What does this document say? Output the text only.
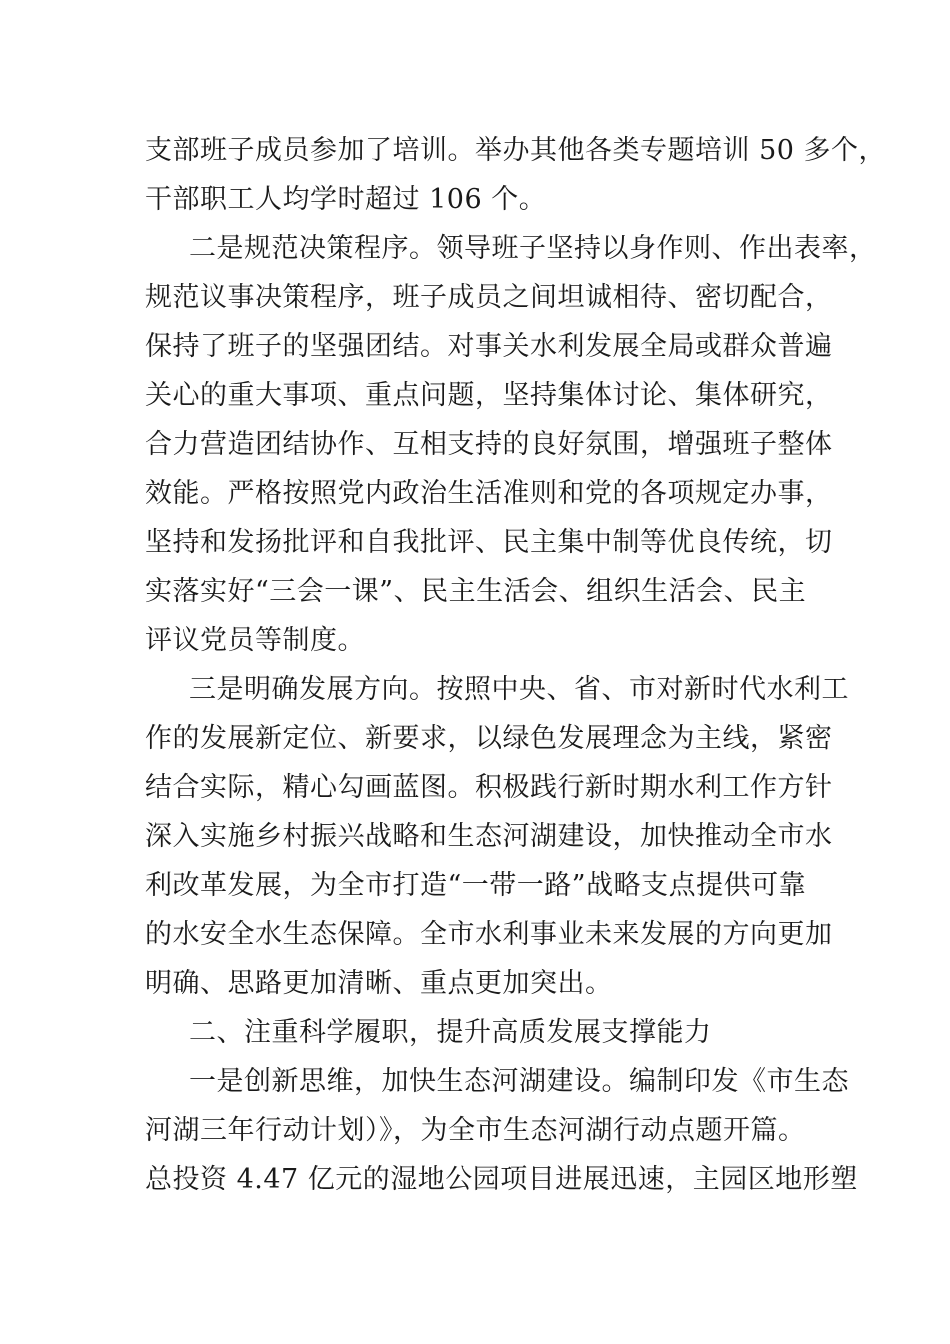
支部班子成员参加了培训。举办其他各类专题培训 50 多个，
干部职工人均学时超过 106 个。
二是规范决策程序。领导班子坚持以身作则、作出表率，
规范议事决策程序，班子成员之间坦诚相待、密切配合，
保持了班子的坚强团结。对事关水利发展全局或群众普遍
关心的重大事项、重点问题，坚持集体讨论、集体研究，
合力营造团结协作、互相支持的良好氛围，增强班子整体
效能。严格按照党内政治生活准则和党的各项规定办事，
坚持和发扬批评和自我批评、民主集中制等优良传统，切
实落实好“三会一课”、民主生活会、组织生活会、民主
评议党员等制度。
三是明确发展方向。按照中央、省、市对新时代水利工
作的发展新定位、新要求，以绿色发展理念为主线，紧密
结合实际，精心勾画蓝图。积极践行新时期水利工作方针
深入实施乡村振兴战略和生态河湖建设，加快推动全市水
利改革发展，为全市打造“一带一路”战略支点提供可靠
的水安全水生态保障。全市水利事业未来发展的方向更加
明确、思路更加清晰、重点更加突出。
二、注重科学履职，提升高质发展支撑能力
一是创新思维，加快生态河湖建设。编制印发《市生态
河湖三年行动计划）》，为全市生态河湖行动点题开篇。
总投资 4.47 亿元的湿地公园项目进展迅速，主园区地形塑
